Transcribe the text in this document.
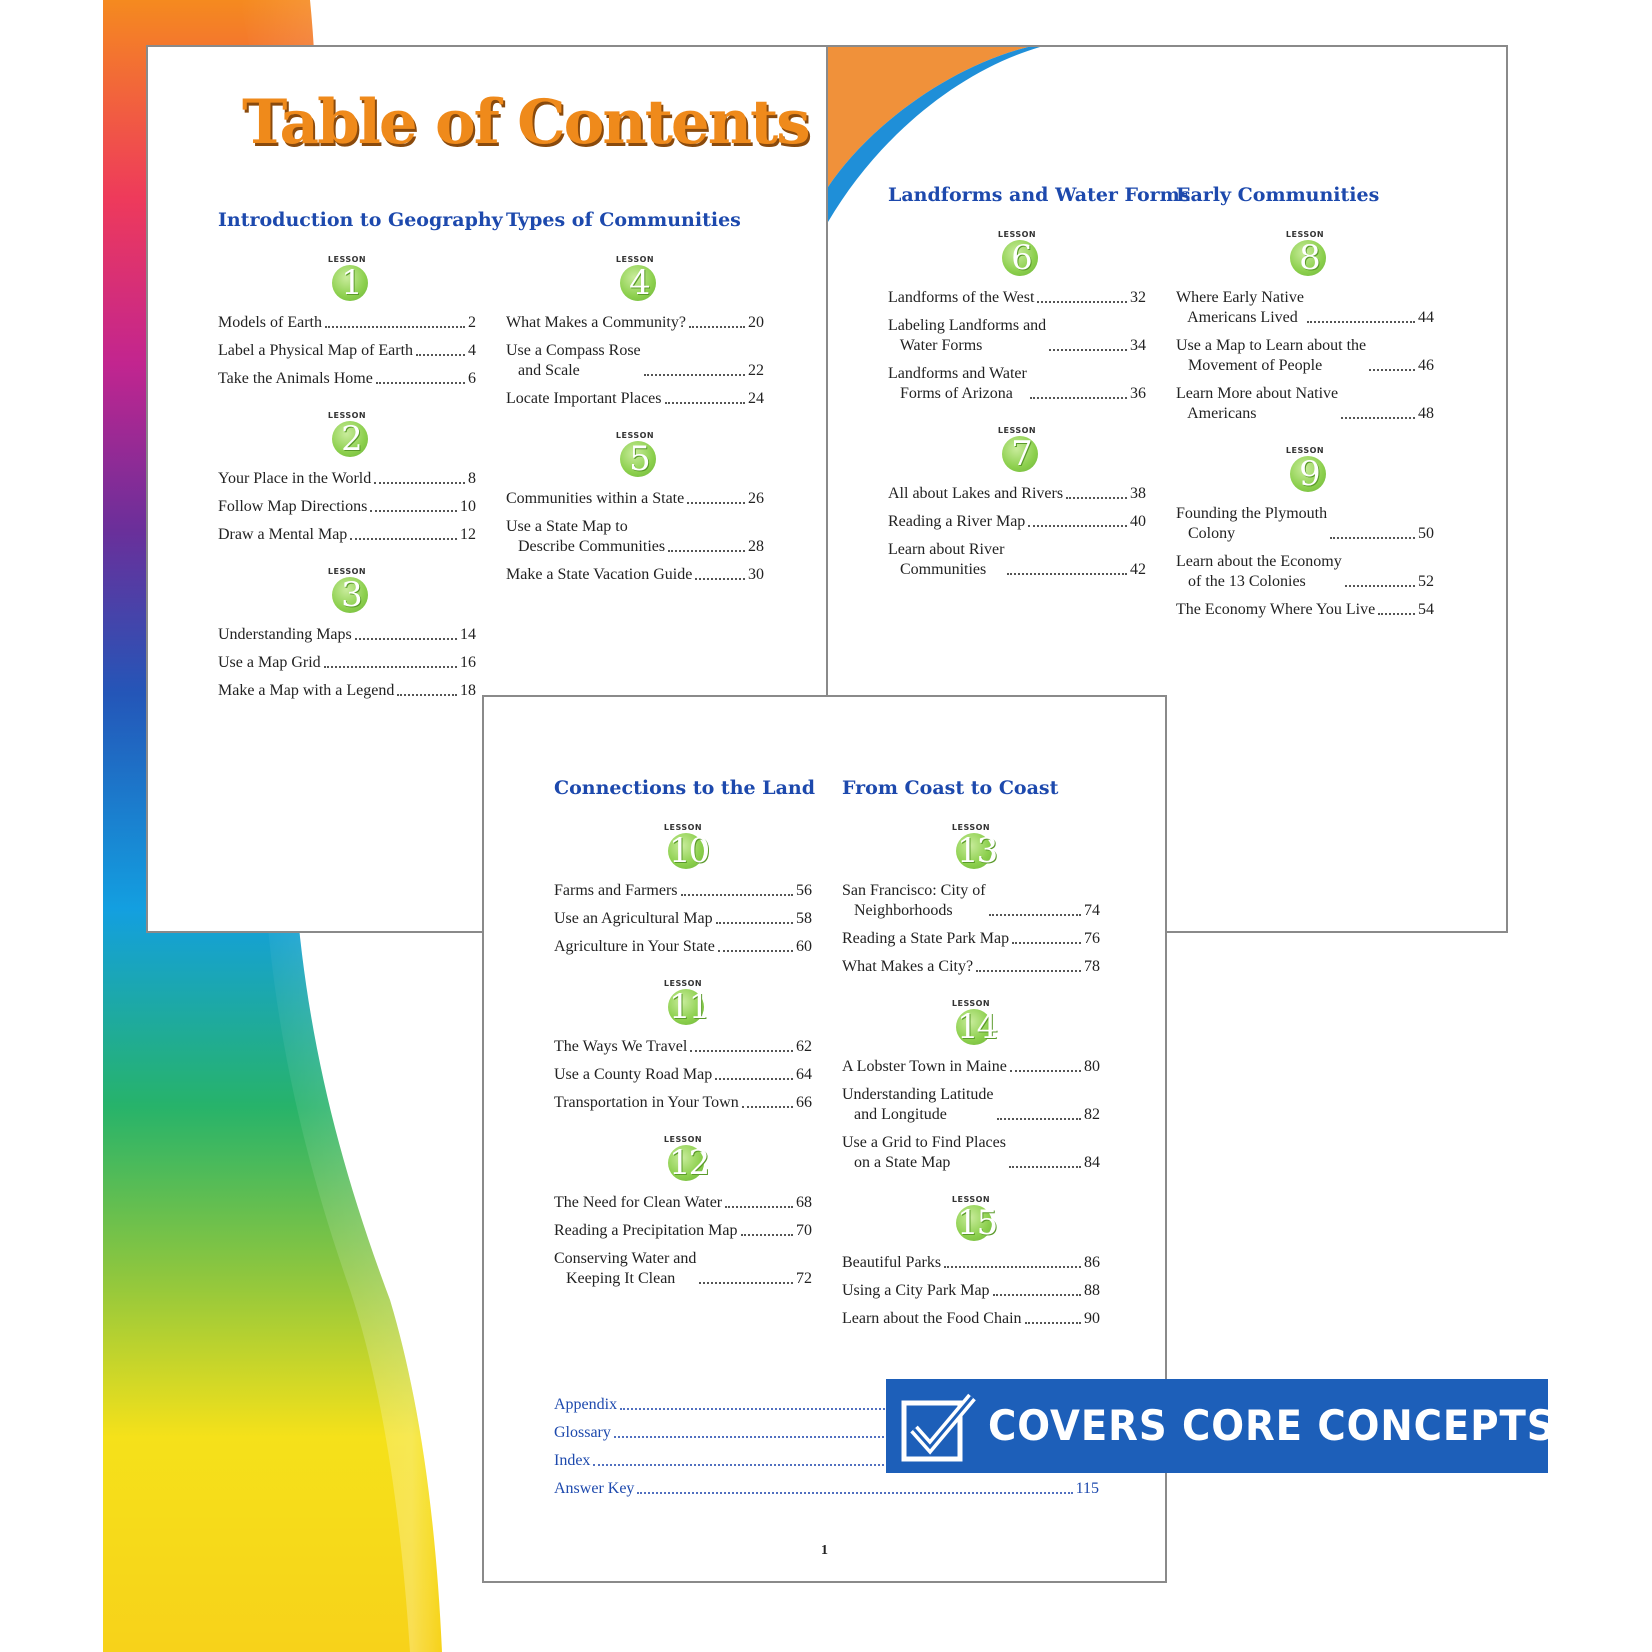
Table of Contents
Introduction to Geography
LESSON
1
Models of Earth	2
Label a Physical Map of Earth	4
Take the Animals Home	6
LESSON
2
Your Place in the World	8
Follow Map Directions	10
Draw a Mental Map	12
LESSON
3
Understanding Maps	14
Use a Map Grid	16
Make a Map with a Legend	18
Types of Communities
LESSON
4
What Makes a Community?	20
Use a Compass Rose
and Scale	22
Locate Important Places	24
LESSON
5
Communities within a State	26
Use a State Map to
Describe Communities	28
Make a State Vacation Guide	30
Landforms and Water Forms
LESSON
6
Landforms of the West	32
Labeling Landforms and
Water Forms	34
Landforms and Water
Forms of Arizona	36
LESSON
7
All about Lakes and Rivers	38
Reading a River Map	40
Learn about River
Communities	42
Early Communities
LESSON
8
Where Early Native
Americans Lived	44
Use a Map to Learn about the
Movement of People	46
Learn More about Native
Americans	48
LESSON
9
Founding the Plymouth
Colony	50
Learn about the Economy
of the 13 Colonies	52
The Economy Where You Live	54
Connections to the Land
LESSON
10
Farms and Farmers	56
Use an Agricultural Map	58
Agriculture in Your State	60
LESSON
11
The Ways We Travel	62
Use a County Road Map	64
Transportation in Your Town	66
LESSON
12
The Need for Clean Water	68
Reading a Precipitation Map	70
Conserving Water and
Keeping It Clean	72
From Coast to Coast
LESSON
13
San Francisco: City of
Neighborhoods	74
Reading a State Park Map	76
What Makes a City?	78
LESSON
14
A Lobster Town in Maine	80
Understanding Latitude
and Longitude	82
Use a Grid to Find Places
on a State Map	84
LESSON
15
Beautiful Parks	86
Using a City Park Map	88
Learn about the Food Chain	90
Appendix
Glossary
Index
Answer Key	115
1
COVERS CORE CONCEPTS
